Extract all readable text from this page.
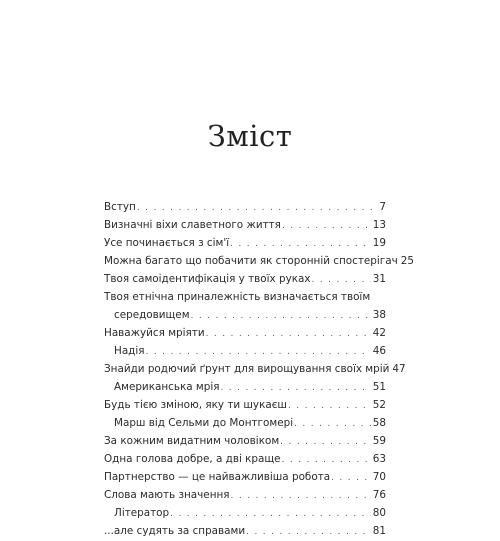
Зміст
Вступ . . .	7
Визначні віхи славетного життя . . .	13
Усе починається з сім'ї . . .	19
Можна багато що побачити як сторонній спостерігач 25
Твоя самоідентифікація у твоїх руках . . .	31
Твоя етнічна приналежність визначається твоїм
середовищем . . .	38
Наважуйся мріяти . . .	42
Надія . . .	46
Знайди родючий ґрунт для вирощування своїх мрій 47
Американська мрія . . .	51
Будь тією зміною, яку ти шукаєш . . .	52
Марш від Сельми до Монтгомері . . .	58
За кожним видатним чоловіком . . .	59
Одна голова добре, а дві краще . . .	63
Партнерство — це найважливіша робота . . .	70
Слова мають значення . . .	76
Літератор . . .	80
...але судять за справами . . .	81
